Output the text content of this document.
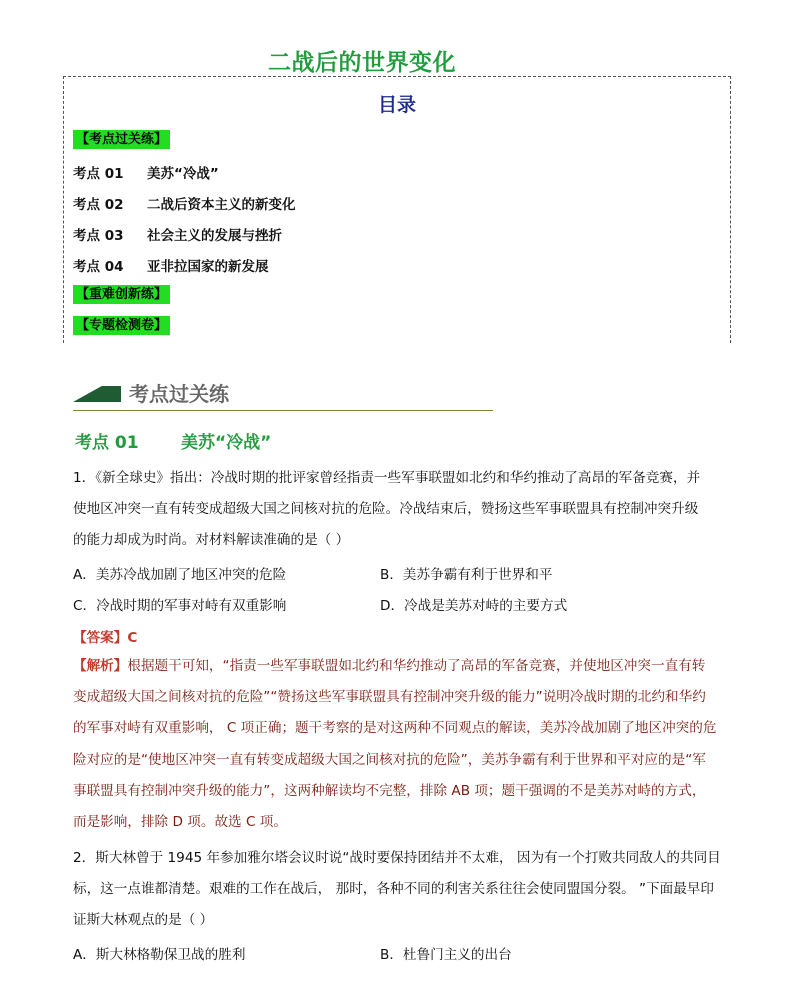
二战后的世界变化
目录
【考点过关练】
考点 01 美苏“冷战”
考点 02 二战后资本主义的新变化
考点 03 社会主义的发展与挫折
考点 04 亚非拉国家的新发展
【重难创新练】
【专题检测卷】
考点过关练
考点 01 美苏“冷战”
1．《新全球史》指出：冷战时期的批评家曾经指责一些军事联盟如北约和华约推动了高昂的军备竞赛，并
使地区冲突一直有转变成超级大国之间核对抗的危险。冷战结束后，赞扬这些军事联盟具有控制冲突升级
的能力却成为时尚。对材料解读准确的是（ ）
A．美苏冷战加剧了地区冲突的危险	B．美苏争霸有利于世界和平
C．冷战时期的军事对峙有双重影响	D．冷战是美苏对峙的主要方式
【答案】C
【解析】根据题干可知，“指责一些军事联盟如北约和华约推动了高昂的军备竞赛，并使地区冲突一直有转
变成超级大国之间核对抗的危险”“赞扬这些军事联盟具有控制冲突升级的能力”说明冷战时期的北约和华约
的军事对峙有双重影响， C 项正确；题干考察的是对这两种不同观点的解读，美苏冷战加剧了地区冲突的危
险对应的是“使地区冲突一直有转变成超级大国之间核对抗的危险”，美苏争霸有利于世界和平对应的是“军
事联盟具有控制冲突升级的能力”，这两种解读均不完整，排除 AB 项；题干强调的不是美苏对峙的方式，
而是影响，排除 D 项。故选 C 项。
2．斯大林曾于 1945 年参加雅尔塔会议时说“战时要保持团结并不太难， 因为有一个打败共同敌人的共同目
标，这一点谁都清楚。艰难的工作在战后， 那时，各种不同的利害关系往往会使同盟国分裂。 ”下面最早印
证斯大林观点的是（ ）
A．斯大林格勒保卫战的胜利	B．杜鲁门主义的出台
